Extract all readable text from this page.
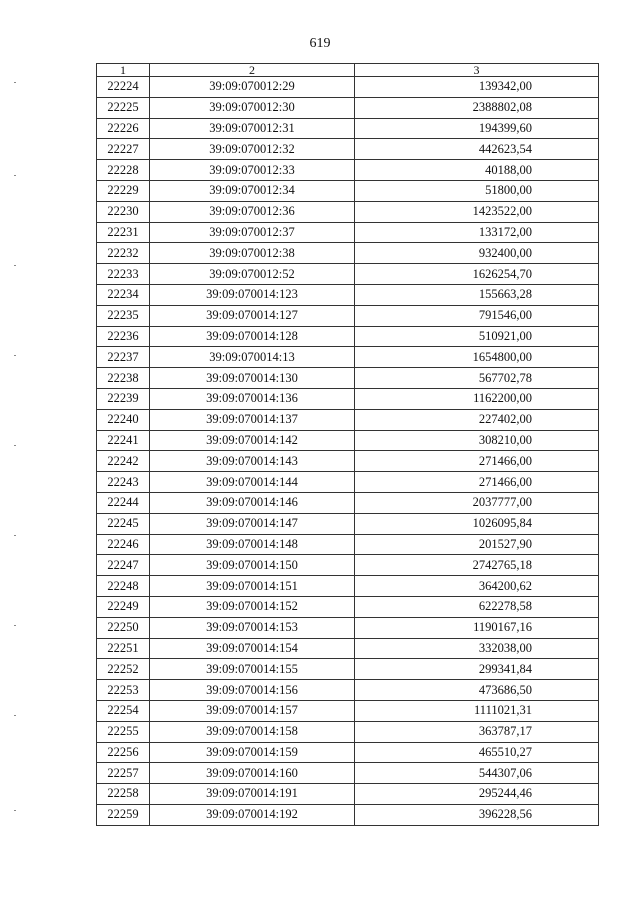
619
1	2	3
22224	39:09:070012:29	139342,00
22225	39:09:070012:30	2388802,08
22226	39:09:070012:31	194399,60
22227	39:09:070012:32	442623,54
22228	39:09:070012:33	40188,00
22229	39:09:070012:34	51800,00
22230	39:09:070012:36	1423522,00
22231	39:09:070012:37	133172,00
22232	39:09:070012:38	932400,00
22233	39:09:070012:52	1626254,70
22234	39:09:070014:123	155663,28
22235	39:09:070014:127	791546,00
22236	39:09:070014:128	510921,00
22237	39:09:070014:13	1654800,00
22238	39:09:070014:130	567702,78
22239	39:09:070014:136	1162200,00
22240	39:09:070014:137	227402,00
22241	39:09:070014:142	308210,00
22242	39:09:070014:143	271466,00
22243	39:09:070014:144	271466,00
22244	39:09:070014:146	2037777,00
22245	39:09:070014:147	1026095,84
22246	39:09:070014:148	201527,90
22247	39:09:070014:150	2742765,18
22248	39:09:070014:151	364200,62
22249	39:09:070014:152	622278,58
22250	39:09:070014:153	1190167,16
22251	39:09:070014:154	332038,00
22252	39:09:070014:155	299341,84
22253	39:09:070014:156	473686,50
22254	39:09:070014:157	1111021,31
22255	39:09:070014:158	363787,17
22256	39:09:070014:159	465510,27
22257	39:09:070014:160	544307,06
22258	39:09:070014:191	295244,46
22259	39:09:070014:192	396228,56
